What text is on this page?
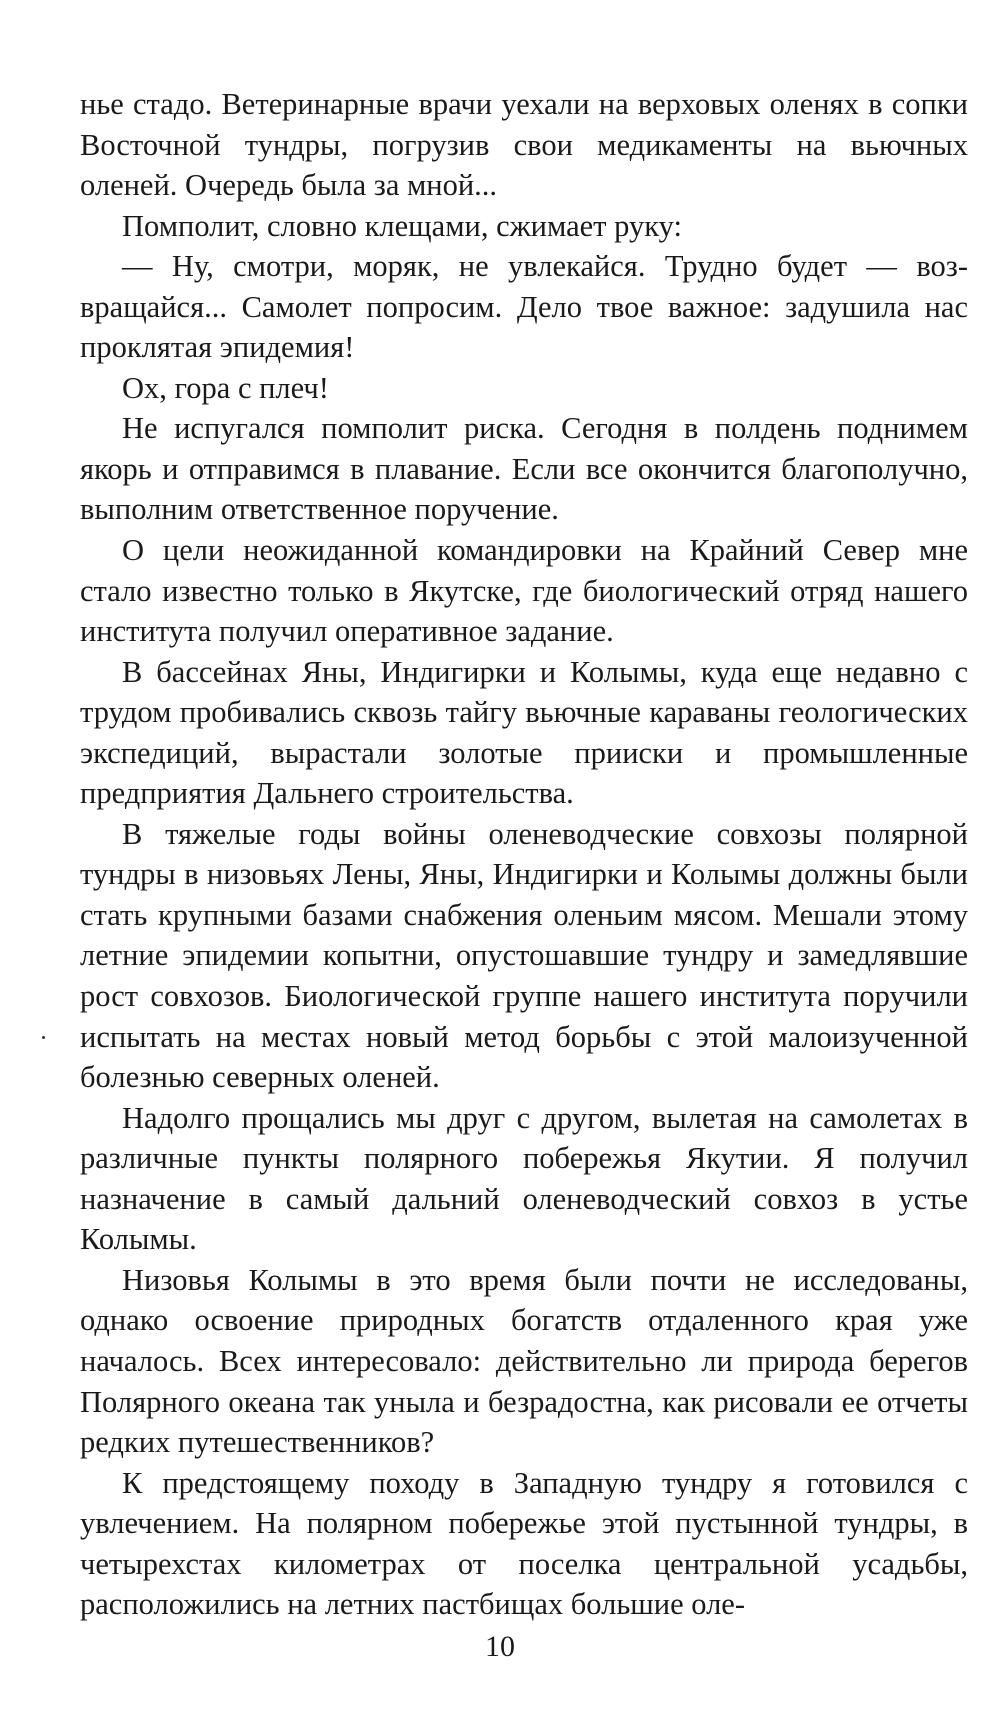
нье стадо. Ветеринарные врачи уехали на верховых оленях в сопки Восточной тундры, погрузив свои медикаменты на вьючных оленей. Очередь была за мной...

Помполит, словно клещами, сжимает руку:

— Ну, смотри, моряк, не увлекайся. Трудно будет — возвращайся... Самолет попросим. Дело твое важное: задушила нас проклятая эпидемия!

Ох, гора с плеч!

Не испугался помполит риска. Сегодня в полдень поднимем якорь и отправимся в плавание. Если все окончится благополучно, выполним ответственное поручение.

О цели неожиданной командировки на Крайний Север мне стало известно только в Якутске, где биологический отряд нашего института получил оперативное задание.

В бассейнах Яны, Индигирки и Колымы, куда еще недавно с трудом пробивались сквозь тайгу вьючные караваны геологических экспедиций, вырастали золотые прииски и промышленные предприятия Дальнего строительства.

В тяжелые годы войны оленеводческие совхозы полярной тундры в низовьях Лены, Яны, Индигирки и Колымы должны были стать крупными базами снабжения оленьим мясом. Мешали этому летние эпидемии копытни, опустошавшие тундру и замедлявшие рост совхозов. Биологической группе нашего института поручили испытать на местах новый метод борьбы с этой малоизученной болезнью северных оленей.

Надолго прощались мы друг с другом, вылетая на самолетах в различные пункты полярного побережья Якутии. Я получил назначение в самый дальний оленеводческий совхоз в устье Колымы.

Низовья Колымы в это время были почти не исследованы, однако освоение природных богатств отдаленного края уже началось. Всех интересовало: действительно ли природа берегов Полярного океана так уныла и безрадостна, как рисовали ее отчеты редких путешественников?

К предстоящему походу в Западную тундру я готовился с увлечением. На полярном побережье этой пустынной тундры, в четырехстах километрах от поселка центральной усадьбы, расположились на летних пастбищах большие оле-

10
